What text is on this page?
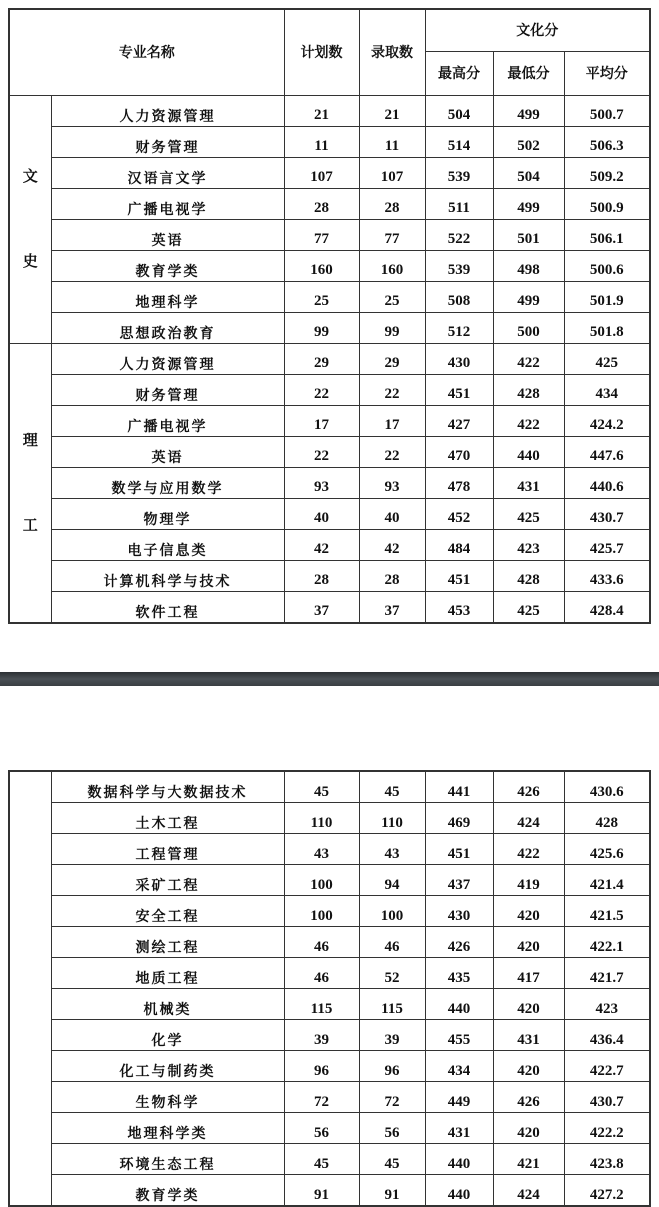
专业名称		计划数	录取数	文化分		
				最高分	最低分	平均分

文
史	人力资源管理	21	21	504	499	500.7
	财务管理	11	11	514	502	506.3
	汉语言文学	107	107	539	504	509.2
	广播电视学	28	28	511	499	500.9
	英语	77	77	522	501	506.1
	教育学类	160	160	539	498	500.6
	地理科学	25	25	508	499	501.9
	思想政治教育	99	99	512	500	501.8

理
工	人力资源管理	29	29	430	422	425
	财务管理	22	22	451	428	434
	广播电视学	17	17	427	422	424.2
	英语	22	22	470	440	447.6
	数学与应用数学	93	93	478	431	440.6
	物理学	40	40	452	425	430.7
	电子信息类	42	42	484	423	425.7
	计算机科学与技术	28	28	451	428	433.6
	软件工程	37	37	453	425	428.4
	数据科学与大数据技术	45	45	441	426	430.6
	土木工程	110	110	469	424	428
	工程管理	43	43	451	422	425.6
	采矿工程	100	94	437	419	421.4
	安全工程	100	100	430	420	421.5
	测绘工程	46	46	426	420	422.1
	地质工程	46	52	435	417	421.7
	机械类	115	115	440	420	423
	化学	39	39	455	431	436.4
	化工与制药类	96	96	434	420	422.7
	生物科学	72	72	449	426	430.7
	地理科学类	56	56	431	420	422.2
	环境生态工程	45	45	440	421	423.8
	教育学类	91	91	440	424	427.2
